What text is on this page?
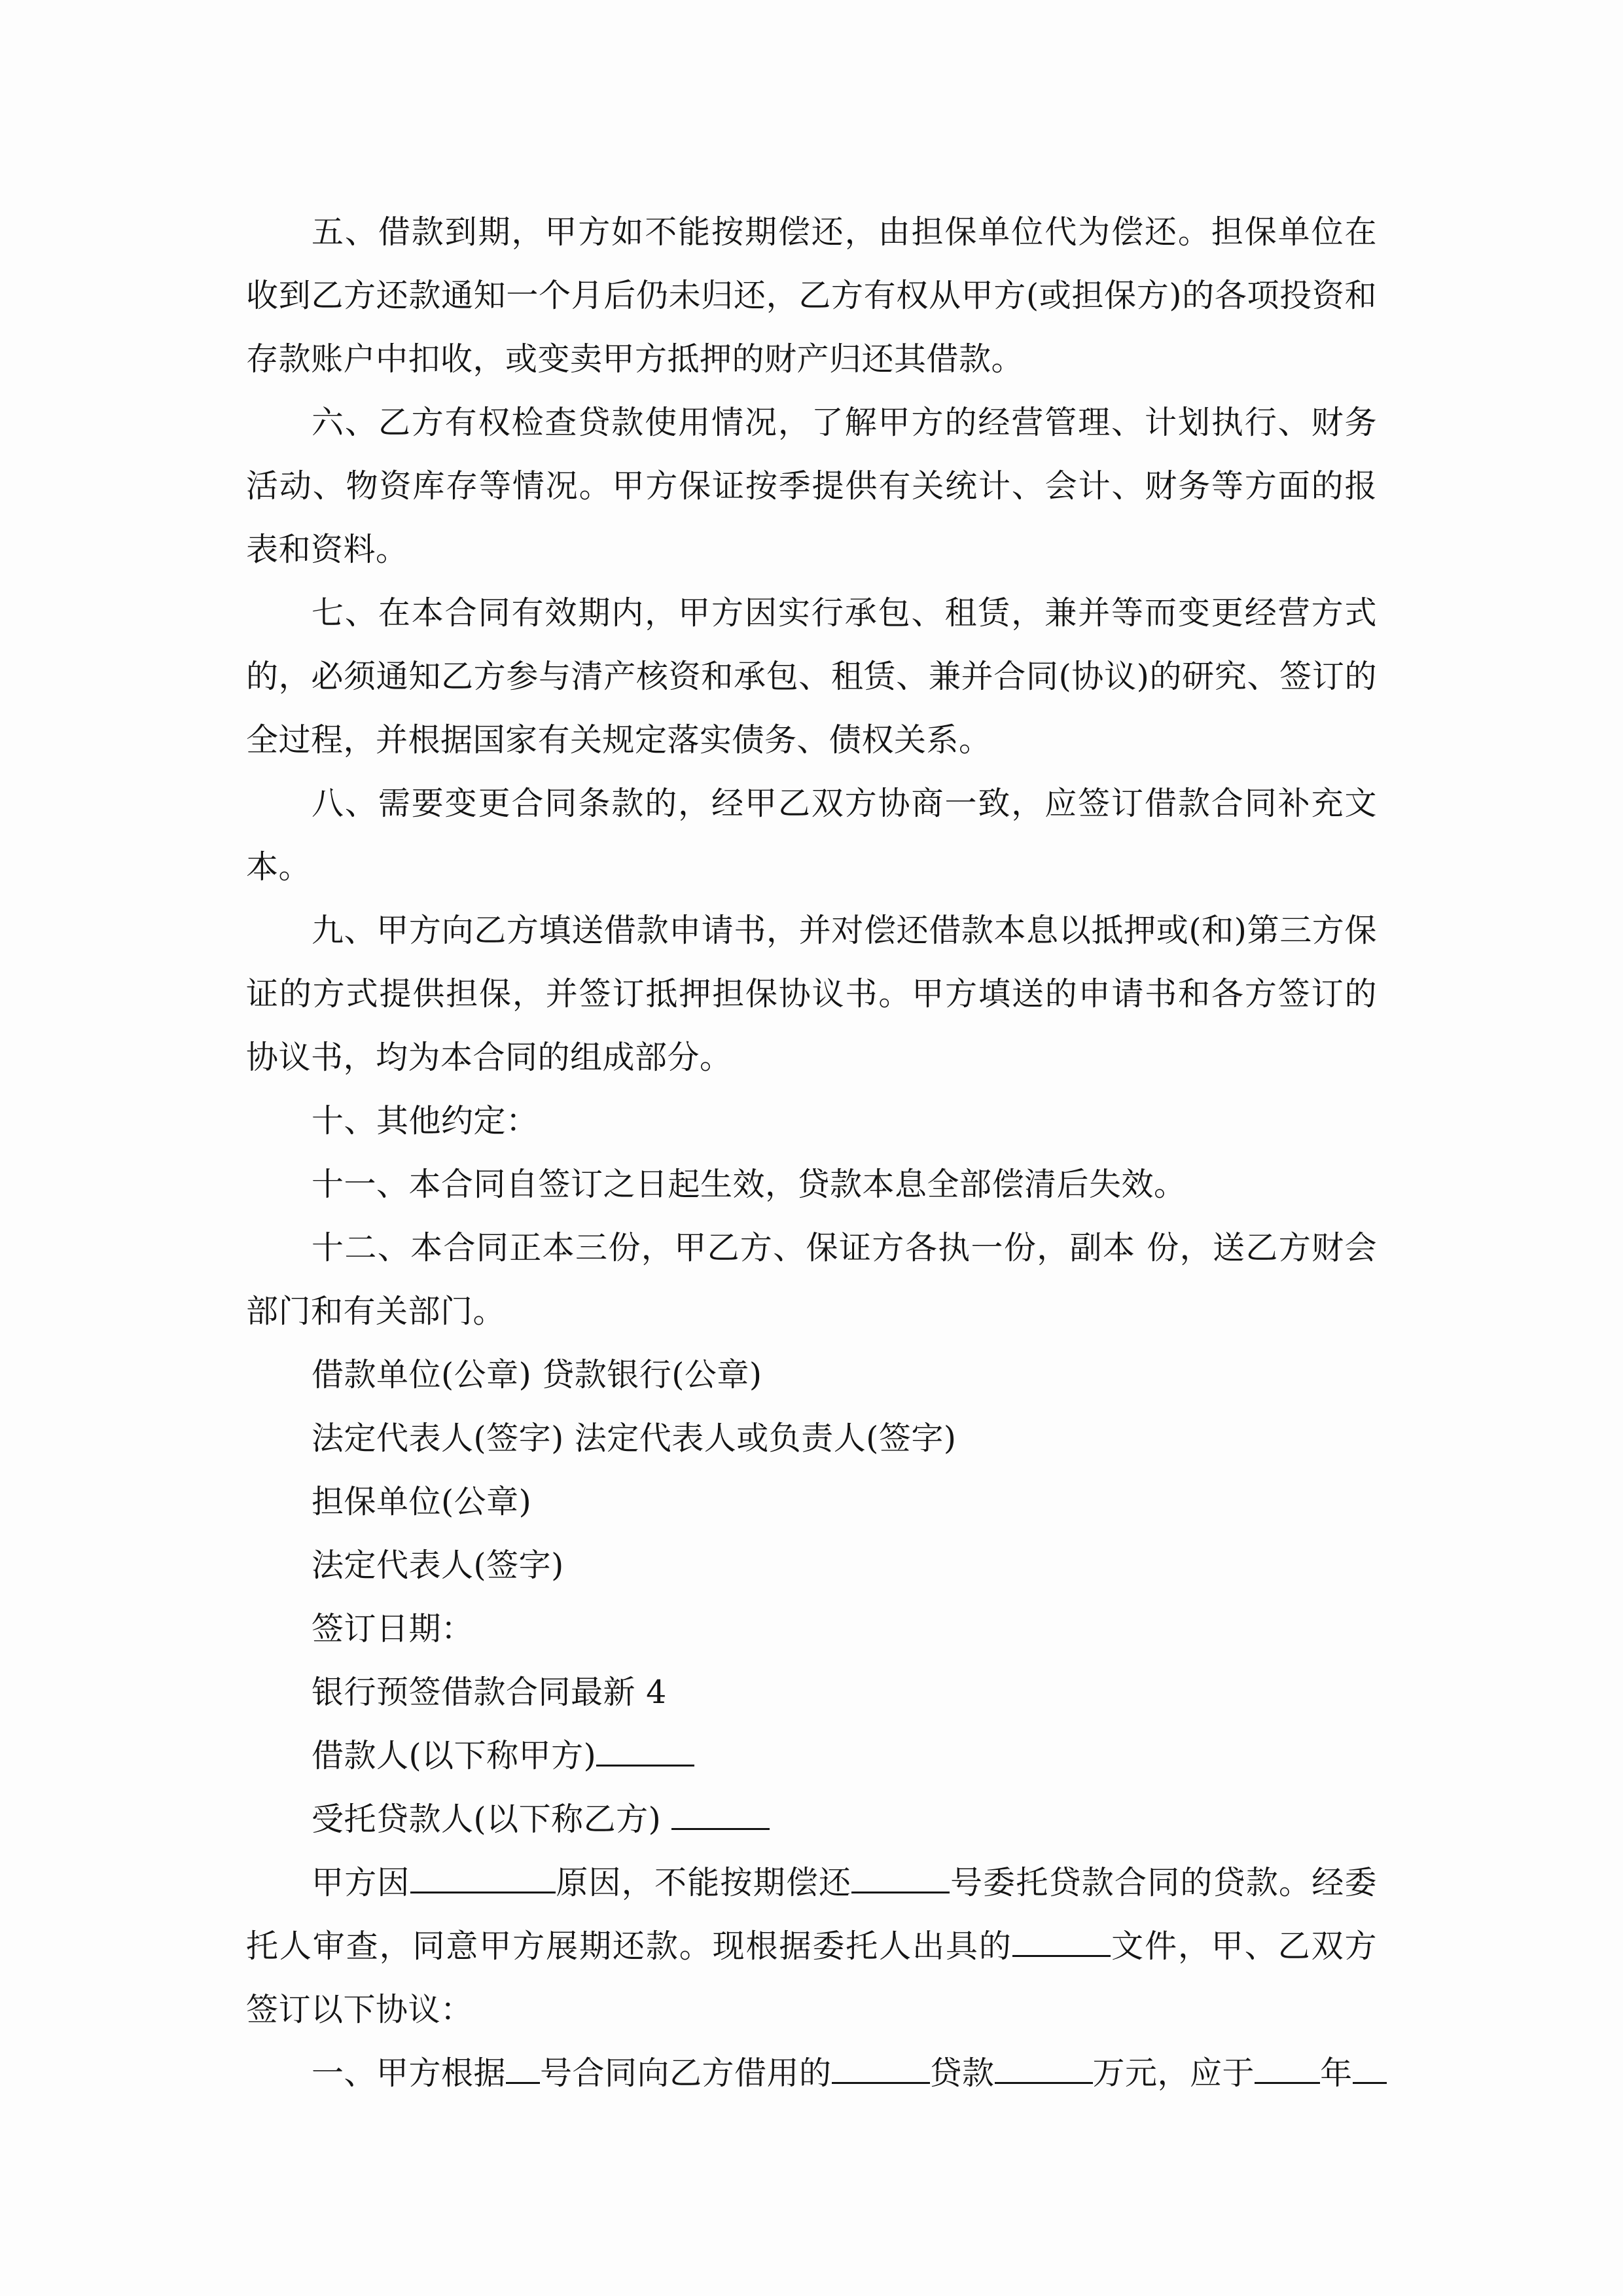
五、借款到期，甲方如不能按期偿还，由担保单位代为偿还。担保单位在收到乙方还款通知一个月后仍未归还，乙方有权从甲方(或担保方)的各项投资和存款账户中扣收，或变卖甲方抵押的财产归还其借款。

六、乙方有权检查贷款使用情况，了解甲方的经营管理、计划执行、财务活动、物资库存等情况。甲方保证按季提供有关统计、会计、财务等方面的报表和资料。

七、在本合同有效期内，甲方因实行承包、租赁，兼并等而变更经营方式的，必须通知乙方参与清产核资和承包、租赁、兼并合同(协议)的研究、签订的全过程，并根据国家有关规定落实债务、债权关系。

八、需要变更合同条款的，经甲乙双方协商一致，应签订借款合同补充文本。

九、甲方向乙方填送借款申请书，并对偿还借款本息以抵押或(和)第三方保证的方式提供担保，并签订抵押担保协议书。甲方填送的申请书和各方签订的协议书，均为本合同的组成部分。

十、其他约定：

十一、本合同自签订之日起生效，贷款本息全部偿清后失效。

十二、本合同正本三份，甲乙方、保证方各执一份，副本 份，送乙方财会部门和有关部门。

借款单位(公章) 贷款银行(公章)

法定代表人(签字) 法定代表人或负责人(签字)

担保单位(公章)

法定代表人(签字)

签订日期：

银行预签借款合同最新 4

借款人(以下称甲方)

受托贷款人(以下称乙方)

甲方因	原因，不能按期偿还	号委托贷款合同的贷款。经委托人审查，同意甲方展期还款。现根据委托人出具的	文件，甲、乙双方签订以下协议：

一、甲方根据 号合同向乙方借用的	贷款	万元，应于 年
